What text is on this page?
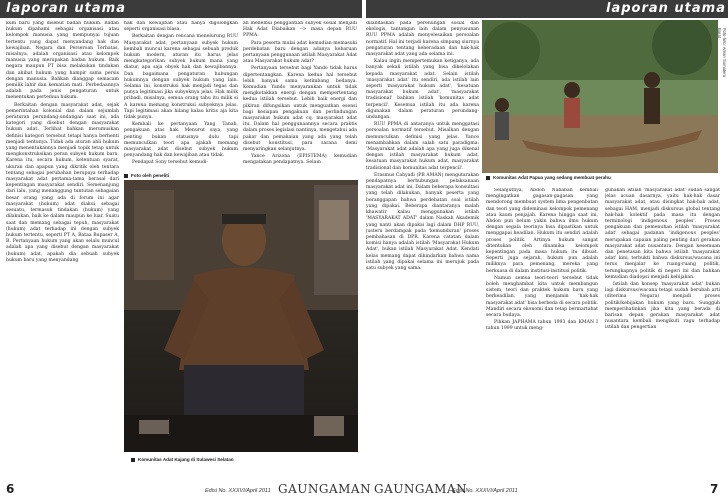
laporan utama	laporan utama

kum baru yang disebut badan hukum. Badan hukum dipahami sebagai organisasi atau kelompok manusia yang mempunyai tujuan tertentu yang dapat menyandang hak dan kewajiban. Negara dan Perseroan Terbatas, misalnya, adalah organisasi atau kelompok manusia yang merupakan badan hukum. Baik negara maupun PT bisa melakukan tindakan dan akibat hukum yang hampir sama persis dengan manusia. Bahkan dianggap semacam pemilik lahir dan kematian mati. Perbedaannya adalah pada jenis pengaturan untuk menentukan pertemua hukum.

Berkaitan dengan masyarakat adat, sejak pemerintahan kolonial dan dalam sejumlah peraturan perundang-undangan saat ini, ada kategori yang disebut dengan masyarakat hukum adat. Terlihat bahkan merumuskan definisi kategori tersebut tetapi hanya berhenti menjadi tentunya. Tidak ada aturan ahli hukum yang menentukannya menjadi topik tetap untuk mengkonstruksikan peran subyek hukum baru. Karena itu, secara hukum, ketentuan syarat, ukuran dan apapun yang dikritik oleh tentara tentang sebagai perubahan berupaya terhadap masyarakat adat pertama-tama berasal dari kepentingan masyarakat sendiri. Semenanjung dari lalu, yang menanggung tuntutan sebagaian besar orang yang ada di forum ini agar masyarakat (hukum) adat diakui sebagai sesuatu, termasuk tindakan (hukum) yang dilakukan, baik ke dalam maupun ke luar. Suatu saat dan memang sebagai tepuh, masyarakat (hukum) adat terhadap ini dengan subyek hukum tertentu, seperti PT A, Bataa Bupaser A, B. Pertanyaan hukum yang akan selalu muncul adalah apa yang disebut dengan masyarakat (hukum) adat, apakah dia sebuah subyek hukum baru yang menyandang

hak dan kewajiban atau hanya digolongkan seperti organisasi biasa.

Berkaitan dengan rencana menelurung RUU Masyarakat adat, pertanyaan subyek hukum kembali muncul karena sebagai sebuah produk hukum modern, aturan itu harus jelas mengkategorikan subyek hukum mana yang diatur, apa saja obyek hak dan kewajibannya. Dan bagaimana pengaturan hubungan hukumnya dengan subyek hukum yang lain. Selama ini, konstruksi hak menjadi tegas dan punya legitimasi jika subyeknya jelas. Hak milik pribadi, misalnya, semua orang tahu itu milik si A karena memang konstruksi subyeknya jelas. Tapi legitimasi akan hilang kalau kritis aja kita tidak punya.

Kembali ke pertanyaan Yang Tanah, pengakuan atas hak. Menurut saya, yang penting bukan statusnya dulu tapi memunculkan teori apa ajakah memang masyarakat adat disebut subyek hukum penyandang hak dan kewajiban atau tidak.

Pendapat Sony tersebut kemudi-

an menemui penggantian subyek sosial menjadi Hak Adat Diabaikan --> masa depan RUU PPMA.

Para peserta mulai adat kemudian memasuki perdebatan baru dengan adanya kebaruan pertanyaan penggunaan istilah Masyarakat Adat atau Masyarakat hukum adat?

Pertanyaan tersebut bagi Yando tidak harus dipertentangkan. Karena kedua hal tersebut lebih banyak sama ketimbang bedanya. Kemudian Yando menyarankan untuk tidak mengkotakkan energi dengan mempertentang kedua istilah tersebut. Lebih baik energi dan pikiran difungsikan untuk menguatkan esensi bagi kesiapan pengakuan dan perlindungan masyarakat hukum adat cq. masyarakat adat itu. Dalam hal penggunaannya secara praktis dalam proses legislasi nantinya, mengetahui ada pakar dan pemakaian yang ada yang telah disebut konstitusi, para sarana demi menyaringkan selanjutnya.

Yance Arizona (EPISTEMA) kemudian mengatakan pendapatnya. Selain

Foto oleh peneliti
Komunitas Adat Kajang di Sulawesi Selatan
Foto-foto: Aman Sumatera Barat

dilandaskan pada perenungan sosial dan ekologis, tantangan lain dalam penyusunan RUU PPMA adalah menyelesaikan persoalan normatif. Hal ini terjadi karena simpang siurnya pengaturan tentang keberadaan dan hak-hak masyarakat adat yang ada selama ini.

Kalau ingin mempertemukan ketiganya, ada banyak sekali istilah yang bisa dikelolakan kepada masyarakat adat. Selain istilah 'masyarakat adat' itu sendiri, ada istilah lain seperti 'masyarakat hukum adat', 'kesatuan masyarakat hukum adat', 'masyarakat tradisional' bahkan istilah 'komunitas adat terpencil'. Kesemua istilah itu ada karena digunakan dalam peraturan perundang-undangan.

RUU PPMA di antaranya untuk menggatasi persoalan normatif tersebut. Misalkan dengan memunculkan definisi yang jelas. Yance menambahkan dalam salah satu paradigma: 'Masyarakat adat adalah apa yang juga dikenal dengan istilah masyarakat hukum adat, kesatuan masyarakat hukum adat, masyarakat tradisional dan komunitas adat terpencil'.

Erasmus Cahyadi (PB AMAN) mengutarakan pendapatnya berhubungan pelaksanaan masyarakat adat ini. Dalam beberapa konsultasi yang telah dilakukan, banyak peserta yang beranggapan bahwa perdebatan soal istilah yang dipakai. Beberapa diantaranya malah khawatir kalau menggunakan istilah 'MASYARAKAT ADAT' dalam Naskah Akademik yang nanti akan dipakai lagi dalam DHP RUU, justeru berdampak pada 'kemunduran' proses pembahasan di DPR. Karena catatan dalam komisi hanya adalah istilah 'Masyarakat Hukum Adat', bukan istilah Masyarakat Adat. Kendati kelas memang dapat dihindarkan bahwa nama istilah yang dipakai selama ini merujuk pada satu subyek yang sama.

Komunitas Adat Papua yang sedang membuat perahu

Selanjutnya, Abdon Nababan kembali mengingatkan gagasan-gagasan yang mendorong membuat system lima pengenbatan dan teori yang dideminasi kelompok pemenang atau kaum penjajah. Karena hingga saat ini, Abdon pun belum yakin bahwa ilmu hukum dengan segala teorinya bisa dipastikan untuk menggapai keadilan. Hukum itu sendiri adalah proses politik. Artinya hukum sangat ditentukan oleh dinamika kelompok kepentingan pada masa hukum itu dibuat. Seperti juga sejarah, hukum pun adalah miliknya para pemenang, mereka yang berkuasa di dalam institusi-institusi politik.

Namun semua teori-teori tersebut tidak boleh menghambat kita untuk membangun sistem, teori dan praktek hukum baru yang berkeadilan, yang menjamin 'hak-hak masyarakat adat' bisa berbeda di secara politik. Mandiri secara ekonomi dan tetap bermartabat secara budaya.

Pihkan JAPHAMA tahun 1993 dan KMAN I tahun 1999 untuk meng-

gunakan istilah 'masyarakat adat' sudah sangat jelas acuan dasarnya, yaitu hak-hak dasar masyarakat adat, atau disingkat hak-hak adat, sebagai HAM, menjadi diskursus global tentang hak-hak kolektif pada masa itu dengan terminologi 'indigenous peoples'. Proses pengakuan dan pemenuhan istilah 'masyarakat adat' sebagai padanan 'indigenous peoples' merupakan capaian paling penting dari gerakan masyarakat adat nusantara. Dengan kesemuan dan penetasan kita bahwa istilah 'masyarakat adat' kini, terbukti bahwa diskursus/wacana ini terus menjalar ke ruang-ruang politik, terungkapnya politik di negeri ini dan bahkan kemudian diadopsi menjadi kebijakan.

Istilah dan konsep 'masyarakat adat' bukan lagi diskursus/wacana tetapi sudah berubah arti (diterima Negara) menjadi proses politik/kebijakan hukum yang baru. Sungguh memperihatinkan jika kita yang berada di barisan depan gerakan masyarakat adat nusantara kembali mengikuti ragu terhadap istilah dan pengertian

6	Edisi No. XXXVI/April 2011 GAUNGAMAN GAUNGAMAN
Edisi No. XXXVI/April 2011	7
